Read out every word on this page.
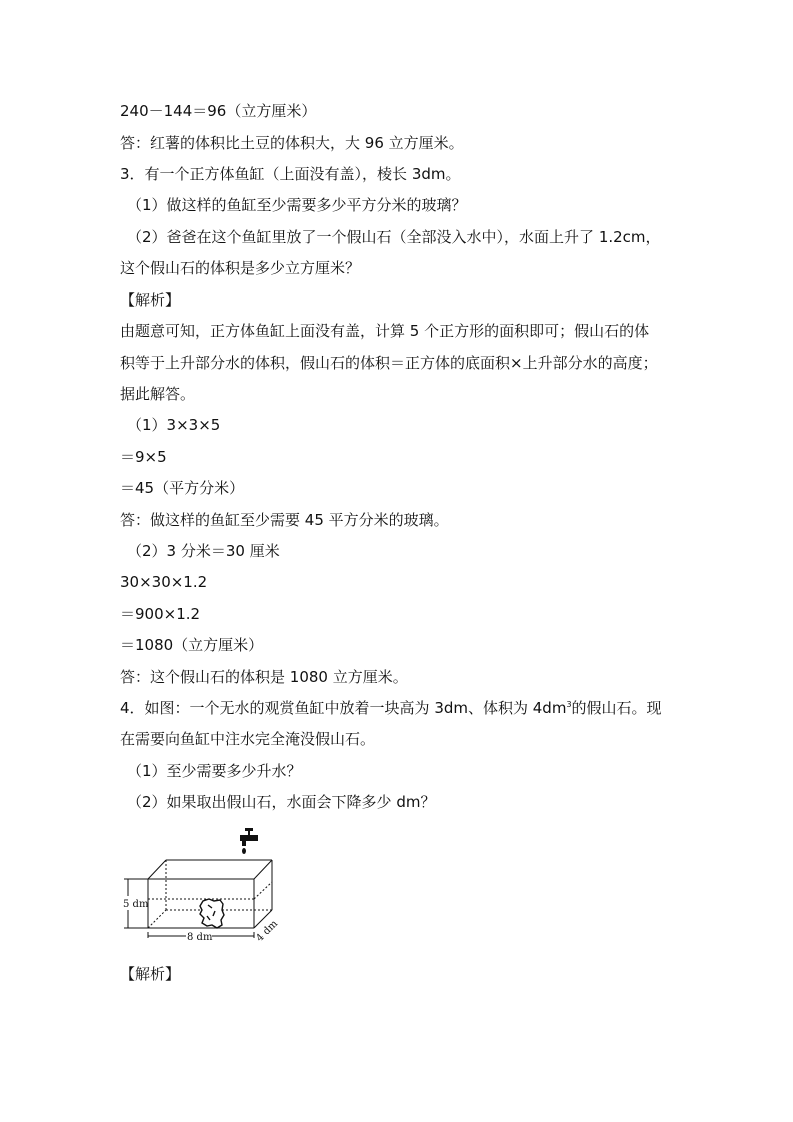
240－144＝96（立方厘米）
答：红薯的体积比土豆的体积大，大 96 立方厘米。
3．有一个正方体鱼缸（上面没有盖），棱长 3dm。
（1）做这样的鱼缸至少需要多少平方分米的玻璃？
（2）爸爸在这个鱼缸里放了一个假山石（全部没入水中），水面上升了 1.2cm，
这个假山石的体积是多少立方厘米？
【解析】
由题意可知，正方体鱼缸上面没有盖，计算 5 个正方形的面积即可；假山石的体
积等于上升部分水的体积，假山石的体积＝正方体的底面积×上升部分水的高度；
据此解答。
（1）3×3×5
＝9×5
＝45（平方分米）
答：做这样的鱼缸至少需要 45 平方分米的玻璃。
（2）3 分米＝30 厘米
30×30×1.2
＝900×1.2
＝1080（立方厘米）
答：这个假山石的体积是 1080 立方厘米。
4．如图：一个无水的观赏鱼缸中放着一块高为 3dm、体积为 $4dm^3$的假山石。现
在需要向鱼缸中注水完全淹没假山石。
（1）至少需要多少升水？
（2）如果取出假山石，水面会下降多少 dm？
5 dm
8 dm	4 dm
【解析】
